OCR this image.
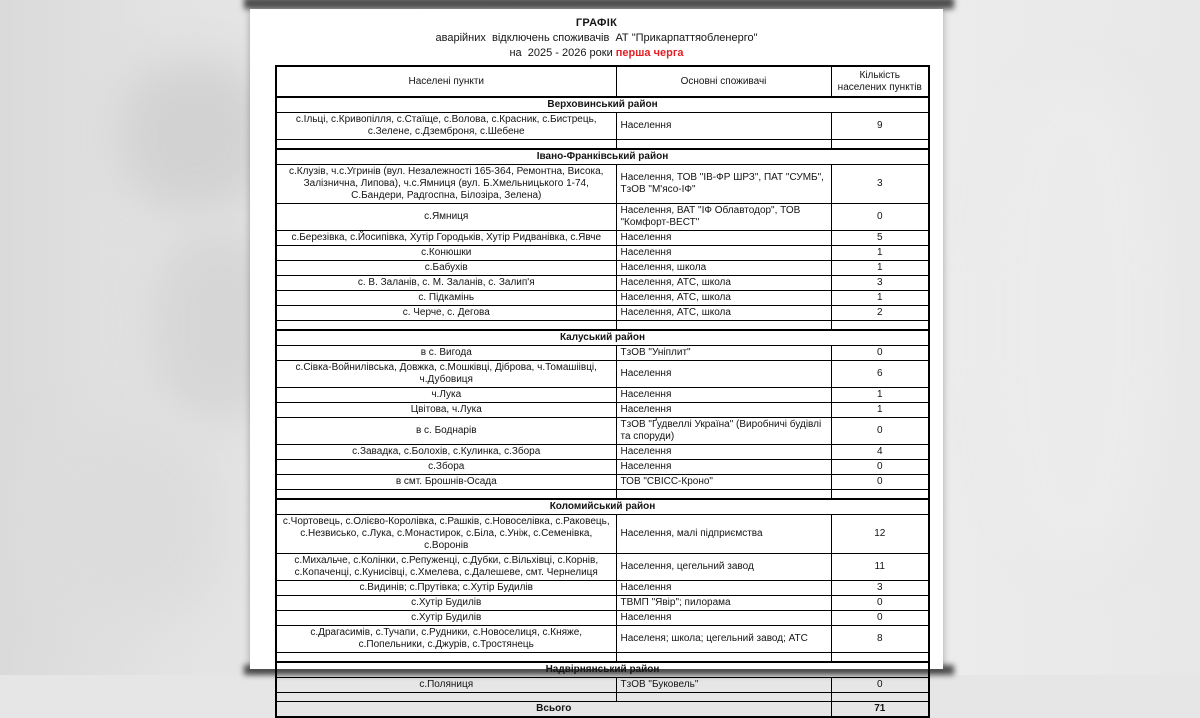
ГРАФІК
аварійних  відключень споживачів  АТ "Прикарпаттяобленерго"
на  2025 - 2026 роки перша черга
Населені пункти	Основні споживачі	Кількість населених пунктів
Верховинський район		
с.Ільці, с.Кривопілля, с.Стаїще, с.Волова, с.Красник, с.Бистрець, с.Зелене, с.Дземброня, с.Шебене	Населення	9

Івано-Франківський район		
с.Клузів, ч.с.Угринів (вул. Незалежності 165-364, Ремонтна, Висока, Залізнична, Липова), ч.с.Ямниця (вул. Б.Хмельницького 1-74, С.Бандери, Радгоспна, Білозіра, Зелена)	Населення, ТОВ "ІВ-ФР ШРЗ", ПАТ "СУМБ", ТзОВ "М'ясо-ІФ"	3
с.Ямниця	Населення, ВАТ "ІФ Облавтодор", ТОВ "Комфорт-ВЕСТ"	0
с.Березівка, с.Йосипівка, Хутір Городьків, Хутір Ридванівка, с.Явче	Населення	5
с.Конюшки	Населення	1
с.Бабухів	Населення, школа	1
с. В. Заланів, с. М. Заланів, с. Залип'я	Населення, АТС, школа	3
с. Підкамінь	Населення, АТС, школа	1
с. Черче, с. Дегова	Населення, АТС, школа	2

Калуський район		
в с. Вигода	ТзОВ "Уніплит"	0
с.Сівка-Войнилівська, Довжка, с.Мошківці, Діброва, ч.Томашіівці, ч.Дубовиця	Населення	6
ч.Лука	Населення	1
Цвітова, ч.Лука	Населення	1
в с. Боднарів	ТзОВ "Ґудвеллі Україна" (Виробничі будівлі та споруди)	0
с.Завадка, с.Болохів, с.Кулинка, с.Збора	Населення	4
с.Збора	Населення	0
в смт. Брошнів-Осада	ТОВ "СВІСС-Кроно"	0

Коломийський район		
с.Чортовець, с.Олієво-Королівка, с.Рашків, с.Новоселівка, с.Раковець, с.Незвисько, с.Лука, с.Монастирок, с.Біла, с.Уніж, с.Семенівка, с.Воронів	Населення, малі підприємства	12
с.Михальче, с.Колінки, с.Репуженці, с.Дубки, с.Вільхівці, с.Корнів, с.Копаченці, с.Кунисівці, с.Хмелева, с.Далешеве, смт. Чернелиця	Населення, цегельний завод	11
с.Видинів; с.Прутівка; с.Хутір Будилів	Населення	3
с.Хутір Будилів	ТВМП "Явір"; пилорама	0
с.Хутір Будилів	Населення	0
с.Драгасимів, с.Тучапи, с.Рудники, с.Новоселиця, с.Княже, с.Попельники, с.Джурів, с.Тростянець	Населеня; школа; цегельний завод; АТС	8

Надвірнянський район		
с.Поляниця	ТзОВ "Буковель"	0

Всього		71
